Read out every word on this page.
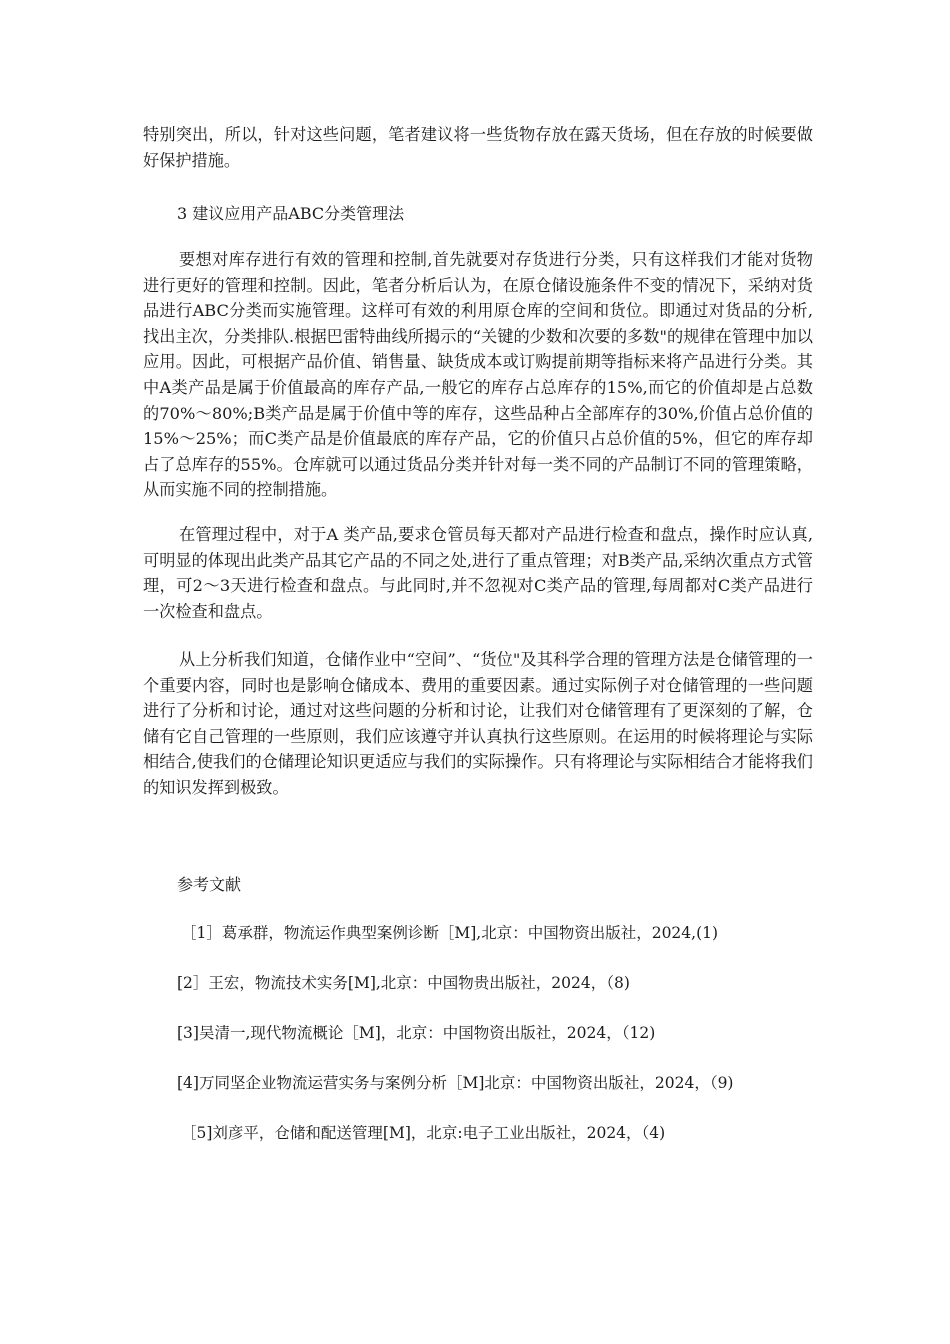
特别突出，所以，针对这些问题，笔者建议将一些货物存放在露天货场，但在存放的时候要做好保护措施。

3 建议应用产品ABC分类管理法

要想对库存进行有效的管理和控制,首先就要对存货进行分类，只有这样我们才能对货物进行更好的管理和控制。因此，笔者分析后认为，在原仓储设施条件不变的情况下，采纳对货品进行ABC分类而实施管理。这样可有效的利用原仓库的空间和货位。即通过对货品的分析,找出主次，分类排队.根据巴雷特曲线所揭示的“关键的少数和次要的多数"的规律在管理中加以应用。因此，可根据产品价值、销售量、缺货成本或订购提前期等指标来将产品进行分类。其中A类产品是属于价值最高的库存产品,一般它的库存占总库存的15%,而它的价值却是占总数的70%～80%;B类产品是属于价值中等的库存，这些品种占全部库存的30%,价值占总价值的 15%～25%；而C类产品是价值最底的库存产品，它的价值只占总价值的5%，但它的库存却占了总库存的55%。仓库就可以通过货品分类并针对每一类不同的产品制订不同的管理策略，从而实施不同的控制措施。

在管理过程中，对于A 类产品,要求仓管员每天都对产品进行检查和盘点，操作时应认真,可明显的体现出此类产品其它产品的不同之处,进行了重点管理；对B类产品,采纳次重点方式管理，可2～3天进行检查和盘点。与此同时,并不忽视对C类产品的管理,每周都对C类产品进行一次检查和盘点。

从上分析我们知道，仓储作业中“空间”、“货位"及其科学合理的管理方法是仓储管理的一个重要内容，同时也是影响仓储成本、费用的重要因素。通过实际例子对仓储管理的一些问题进行了分析和讨论，通过对这些问题的分析和讨论，让我们对仓储管理有了更深刻的了解，仓储有它自己管理的一些原则，我们应该遵守并认真执行这些原则。在运用的时候将理论与实际相结合,使我们的仓储理论知识更适应与我们的实际操作。只有将理论与实际相结合才能将我们的知识发挥到极致。

参考文献

［1］葛承群，物流运作典型案例诊断［M],北京：中国物资出版社，2024,(1)

[2］王宏，物流技术实务[M],北京：中国物贵出版社，2024，（8)

[3]吴清一,现代物流概论［M]，北京：中国物资出版社，2024，（12)

[4]万同坚企业物流运营实务与案例分析［M]北京：中国物资出版社，2024，（9)

［5]刘彦平，仓储和配送管理[M]，北京:电子工业出版社，2024，（4)
